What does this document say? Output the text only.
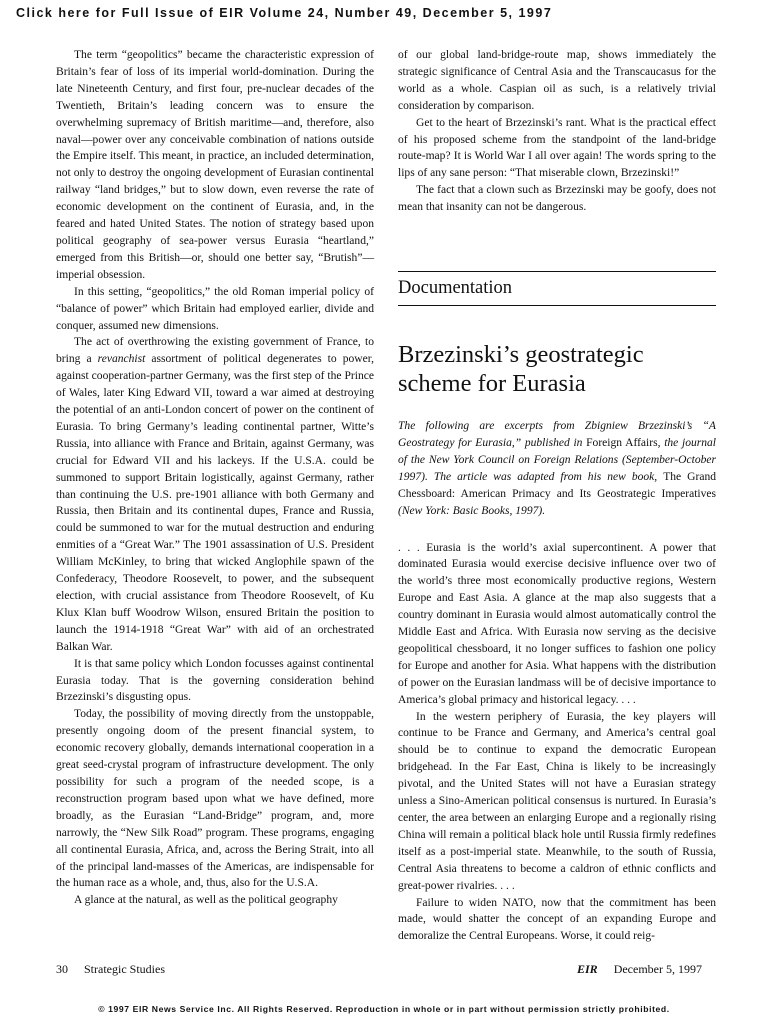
Click here for Full Issue of EIR Volume 24, Number 49, December 5, 1997

The term “geopolitics” became the characteristic expression of Britain’s fear of loss of its imperial world-domination. During the late Nineteenth Century, and first four, pre-nuclear decades of the Twentieth, Britain’s leading concern was to ensure the overwhelming supremacy of British maritime—and, therefore, also naval—power over any conceivable combination of nations outside the Empire itself. This meant, in practice, an included determination, not only to destroy the ongoing development of Eurasian continental railway “land bridges,” but to slow down, even reverse the rate of economic development on the continent of Eurasia, and, in the feared and hated United States. The notion of strategy based upon political geography of sea-power versus Eurasia “heartland,” emerged from this British—or, should one better say, “Brutish”—imperial obsession.

In this setting, “geopolitics,” the old Roman imperial policy of “balance of power” which Britain had employed earlier, divide and conquer, assumed new dimensions.

The act of overthrowing the existing government of France, to bring a revanchist assortment of political degenerates to power, against cooperation-partner Germany, was the first step of the Prince of Wales, later King Edward VII, toward a war aimed at destroying the potential of an anti-London concert of power on the continent of Eurasia. To bring Germany’s leading continental partner, Witte’s Russia, into alliance with France and Britain, against Germany, was crucial for Edward VII and his lackeys. If the U.S.A. could be summoned to support Britain logistically, against Germany, rather than continuing the U.S. pre-1901 alliance with both Germany and Russia, then Britain and its continental dupes, France and Russia, could be summoned to war for the mutual destruction and enduring enmities of a “Great War.” The 1901 assassination of U.S. President William McKinley, to bring that wicked Anglophile spawn of the Confederacy, Theodore Roosevelt, to power, and the subsequent election, with crucial assistance from Theodore Roosevelt, of Ku Klux Klan buff Woodrow Wilson, ensured Britain the position to launch the 1914-1918 “Great War” with aid of an orchestrated Balkan War.

It is that same policy which London focusses against continental Eurasia today. That is the governing consideration behind Brzezinski’s disgusting opus.

Today, the possibility of moving directly from the unstoppable, presently ongoing doom of the present financial system, to economic recovery globally, demands international cooperation in a great seed-crystal program of infrastructure development. The only possibility for such a program of the needed scope, is a reconstruction program based upon what we have defined, more broadly, as the Eurasian “Land-Bridge” program, and, more narrowly, the “New Silk Road” program. These programs, engaging all continental Eurasia, Africa, and, across the Bering Strait, into all of the principal land-masses of the Americas, are indispensable for the human race as a whole, and, thus, also for the U.S.A.

A glance at the natural, as well as the political geography

of our global land-bridge-route map, shows immediately the strategic significance of Central Asia and the Transcaucasus for the world as a whole. Caspian oil as such, is a relatively trivial consideration by comparison.

Get to the heart of Brzezinski’s rant. What is the practical effect of his proposed scheme from the standpoint of the land-bridge route-map? It is World War I all over again! The words spring to the lips of any sane person: “That miserable clown, Brzezinski!”

The fact that a clown such as Brzezinski may be goofy, does not mean that insanity can not be dangerous.

Documentation
Brzezinski’s geostrategic scheme for Eurasia
The following are excerpts from Zbigniew Brzezinski’s “A Geostrategy for Eurasia,” published in Foreign Affairs, the journal of the New York Council on Foreign Relations (September-October 1997). The article was adapted from his new book, The Grand Chessboard: American Primacy and Its Geostrategic Imperatives (New York: Basic Books, 1997).

. . . Eurasia is the world’s axial supercontinent. A power that dominated Eurasia would exercise decisive influence over two of the world’s three most economically productive regions, Western Europe and East Asia. A glance at the map also suggests that a country dominant in Eurasia would almost automatically control the Middle East and Africa. With Eurasia now serving as the decisive geopolitical chessboard, it no longer suffices to fashion one policy for Europe and another for Asia. What happens with the distribution of power on the Eurasian landmass will be of decisive importance to America’s global primacy and historical legacy. . . .

In the western periphery of Eurasia, the key players will continue to be France and Germany, and America’s central goal should be to continue to expand the democratic European bridgehead. In the Far East, China is likely to be increasingly pivotal, and the United States will not have a Eurasian strategy unless a Sino-American political consensus is nurtured. In Eurasia’s center, the area between an enlarging Europe and a regionally rising China will remain a political black hole until Russia firmly redefines itself as a post-imperial state. Meanwhile, to the south of Russia, Central Asia threatens to become a caldron of ethnic conflicts and great-power rivalries. . . .

Failure to widen NATO, now that the commitment has been made, would shatter the concept of an expanding Europe and demoralize the Central Europeans. Worse, it could reig-

30 Strategic Studies	EIR December 5, 1997
© 1997 EIR News Service Inc. All Rights Reserved. Reproduction in whole or in part without permission strictly prohibited.
